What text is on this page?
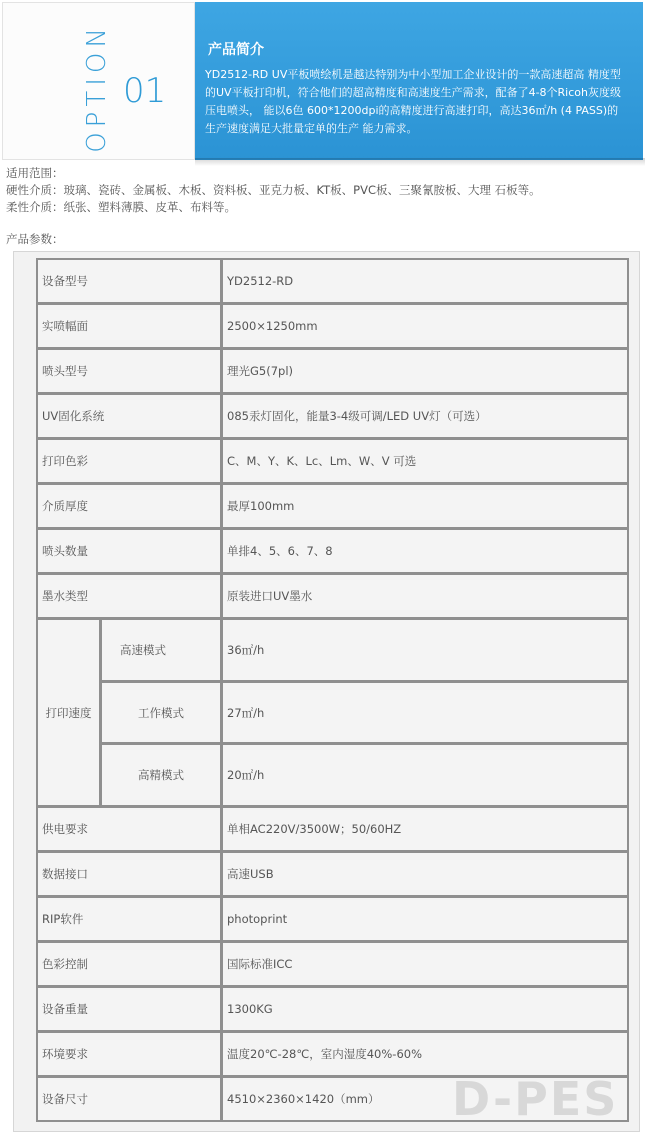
OPTION 01
产品简介
YD2512-RD UV平板喷绘机是越达特别为中小型加工企业设计的一款高速超高 精度型的UV平板打印机，符合他们的超高精度和高速度生产需求，配备了4-8个Ricoh灰度级压电喷头， 能以6色 600*1200dpi的高精度进行高速打印，高达36㎡/h (4 PASS)的生产速度满足大批量定单的生产 能力需求。
适用范围：
硬性介质：玻璃、瓷砖、金属板、木板、资料板、亚克力板、KT板、PVC板、三聚氰胺板、大理 石板等。
柔性介质：纸张、塑料薄膜、皮革、布料等。
产品参数：
设备型号	YD2512-RD
实喷幅面	2500×1250mm
喷头型号	理光G5(7pl)
UV固化系统	085汞灯固化，能量3-4级可调/LED UV灯（可选）
打印色彩	C、M、Y、K、Lc、Lm、W、V 可选
介质厚度	最厚100mm
喷头数量	单排4、5、6、7、8
墨水类型	原装进口UV墨水
打印速度
高速模式	36㎡/h
工作模式	27㎡/h
高精模式	20㎡/h
供电要求	单相AC220V/3500W；50/60HZ
数据接口	高速USB
RIP软件	photoprint
色彩控制	国际标准ICC
设备重量	1300KG
环境要求	温度20℃-28℃，室内湿度40%-60%
设备尺寸	4510×2360×1420（mm）	D-PES
